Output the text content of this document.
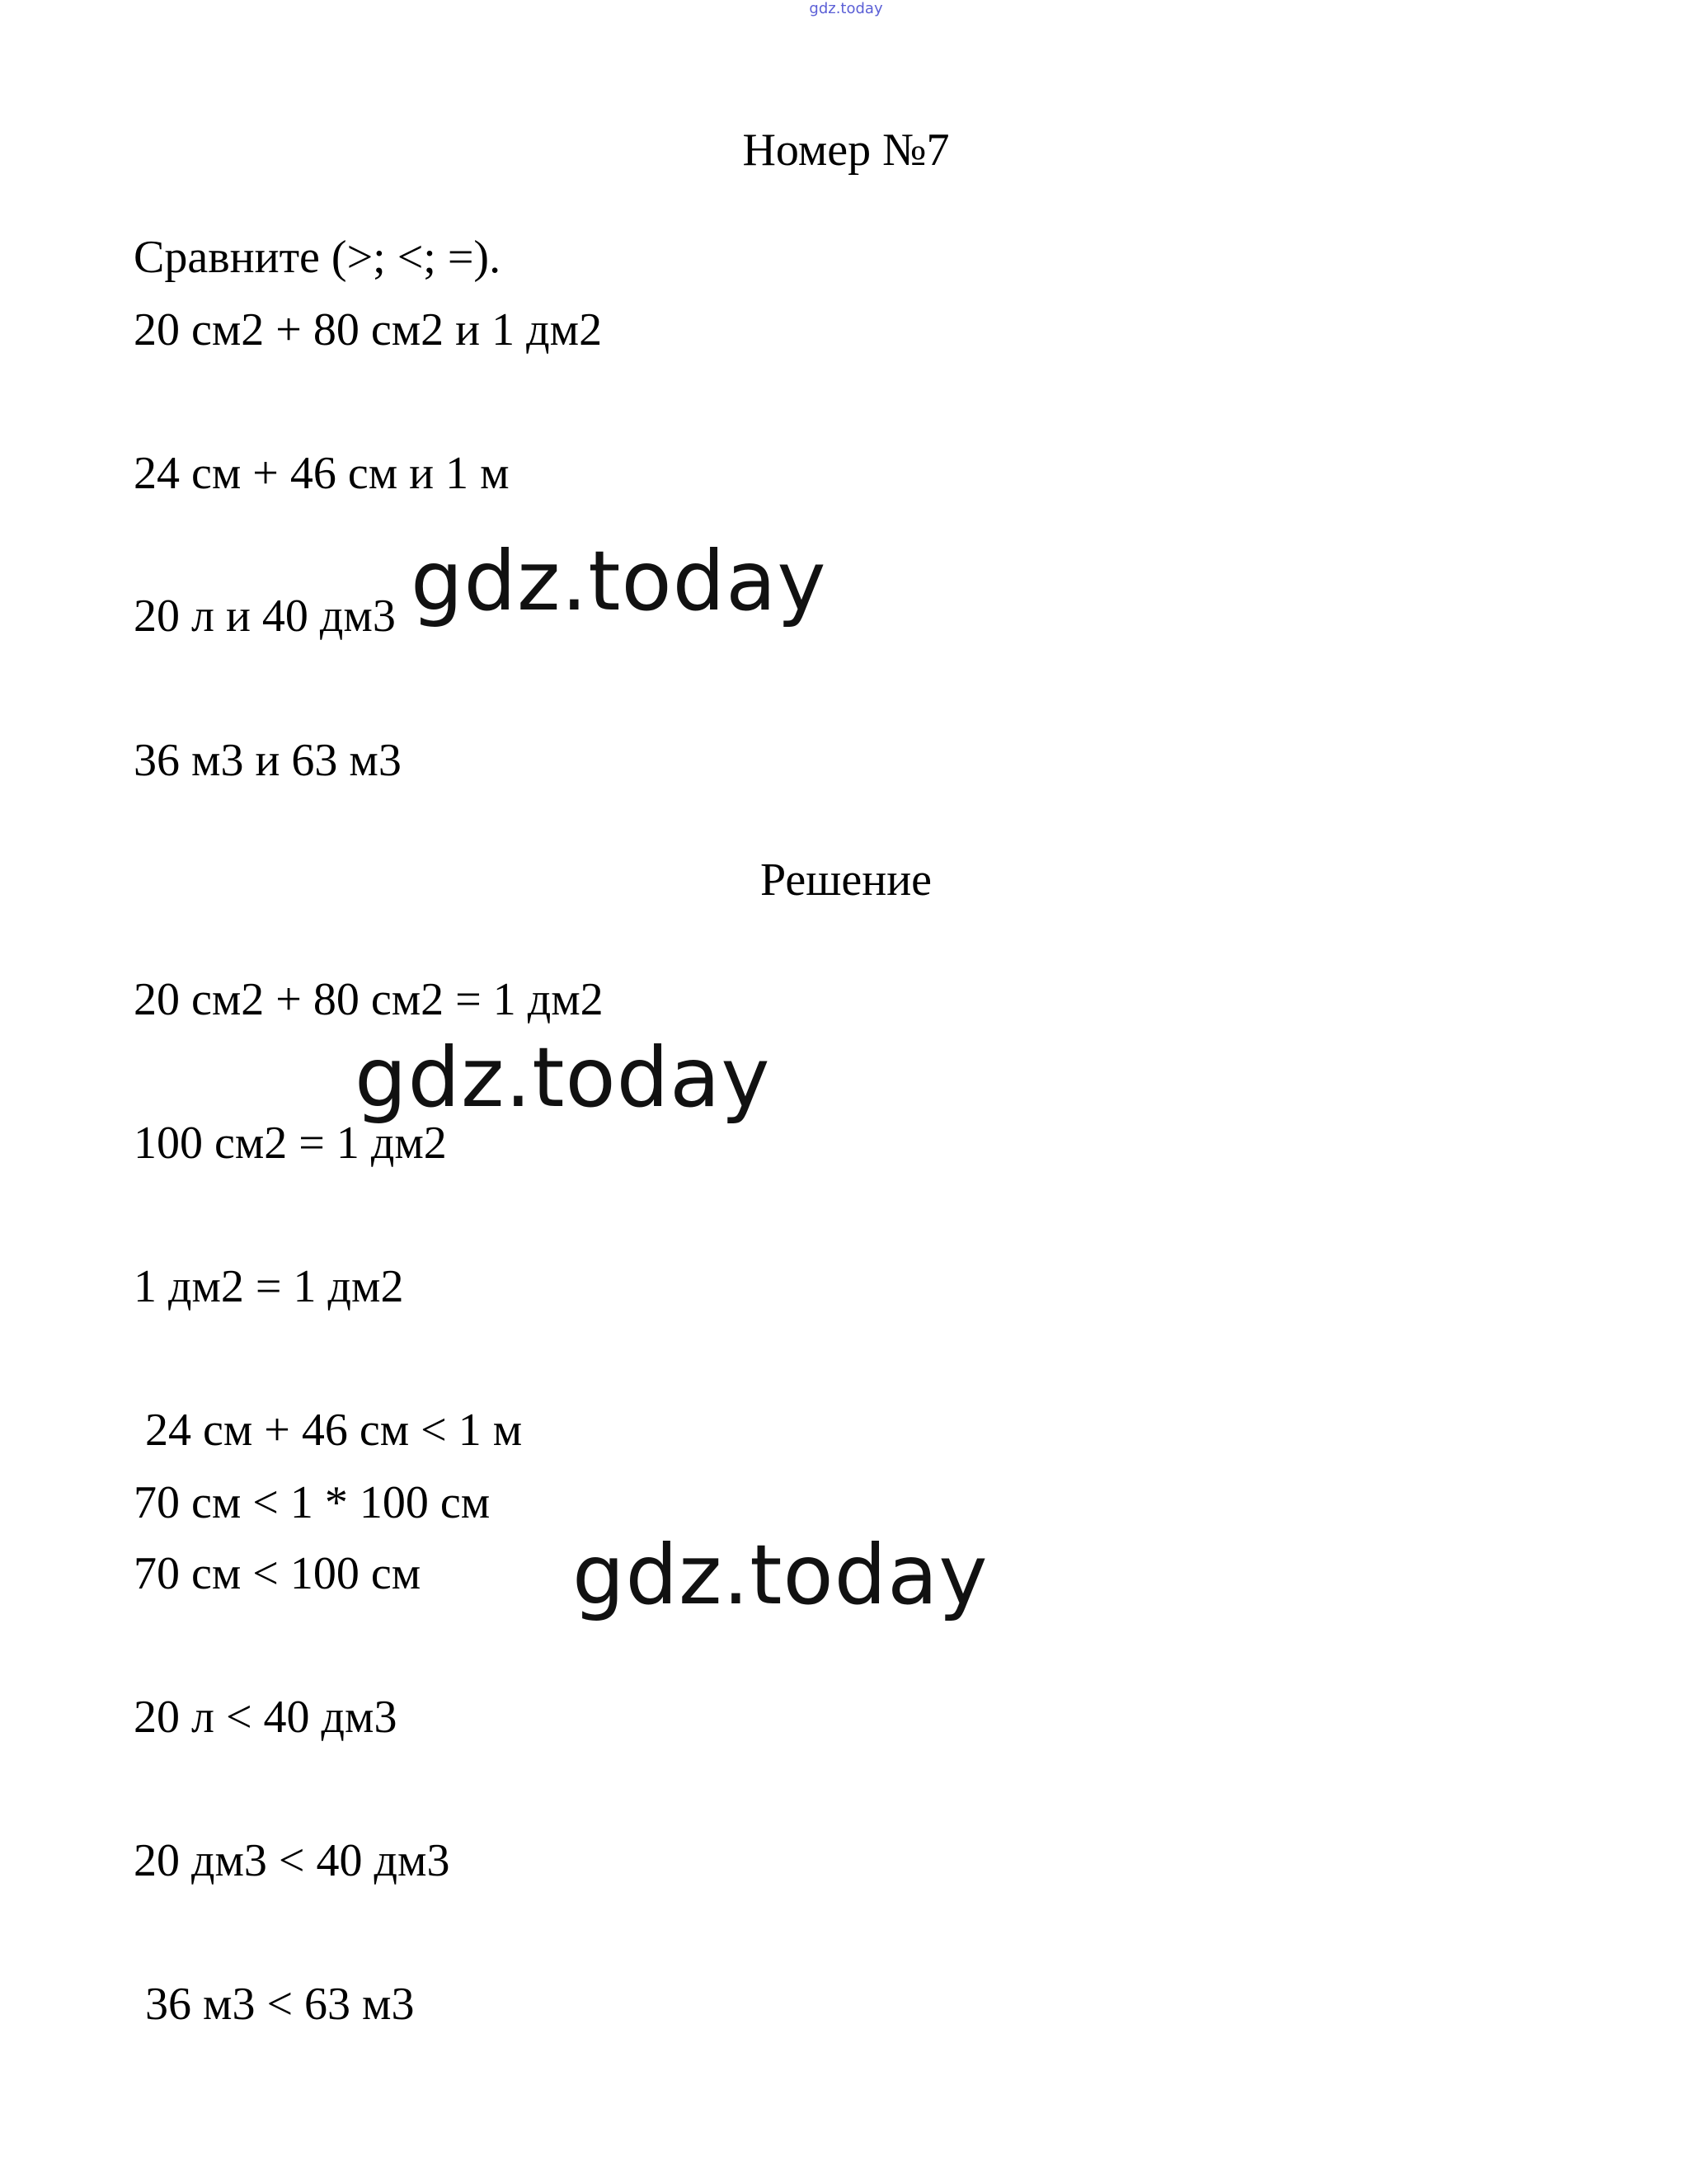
gdz.today
Номер №7
Сравните (>; <; =).
20 см2 + 80 см2 и 1 дм2
24 см + 46 см и 1 м
20 л и 40 дм3
36 м3 и 63 м3
Решение
20 см2 + 80 см2 = 1 дм2
100 см2 = 1 дм2
1 дм2 = 1 дм2
24 см + 46 см < 1 м
70 см < 1 * 100 см
70 см < 100 см
20 л < 40 дм3
20 дм3 < 40 дм3
36 м3 < 63 м3
gdz.today
gdz.today
gdz.today
